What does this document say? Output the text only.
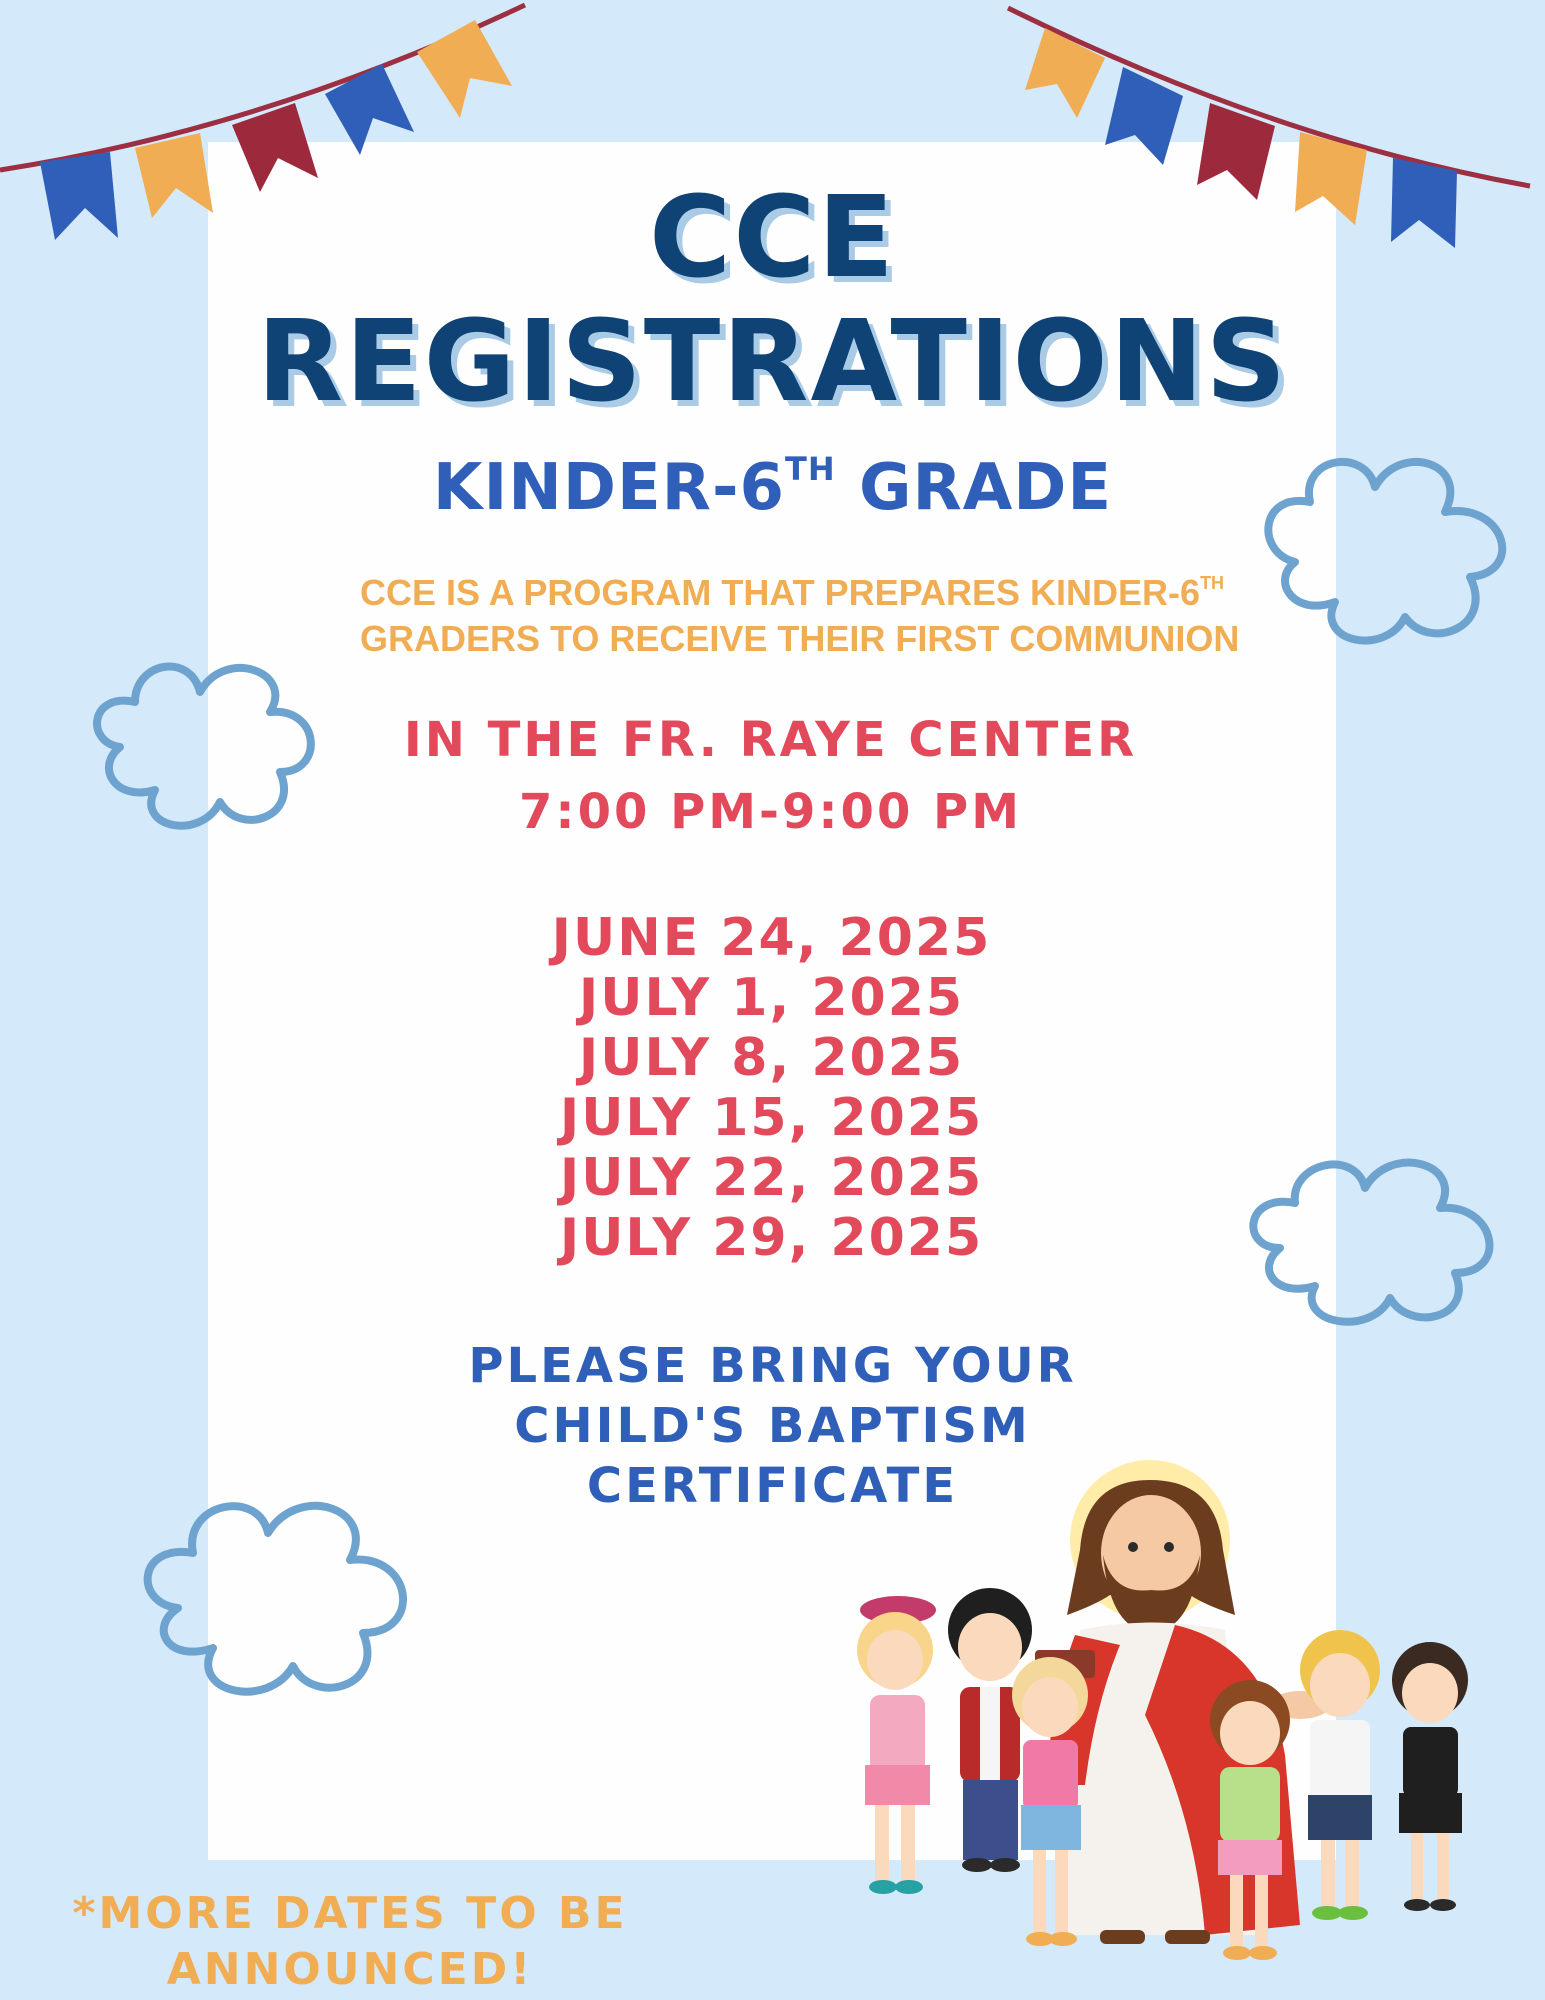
CCE
REGISTRATIONS
KINDER-6TH GRADE
CCE IS A PROGRAM THAT PREPARES KINDER-6TH
GRADERS TO RECEIVE THEIR FIRST COMMUNION
IN THE FR. RAYE CENTER
7:00 PM-9:00 PM
JUNE 24, 2025
JULY 1, 2025
JULY 8, 2025
JULY 15, 2025
JULY 22, 2025
JULY 29, 2025
PLEASE BRING YOUR
CHILD'S BAPTISM
CERTIFICATE
*MORE DATES TO BE
ANNOUNCED!
